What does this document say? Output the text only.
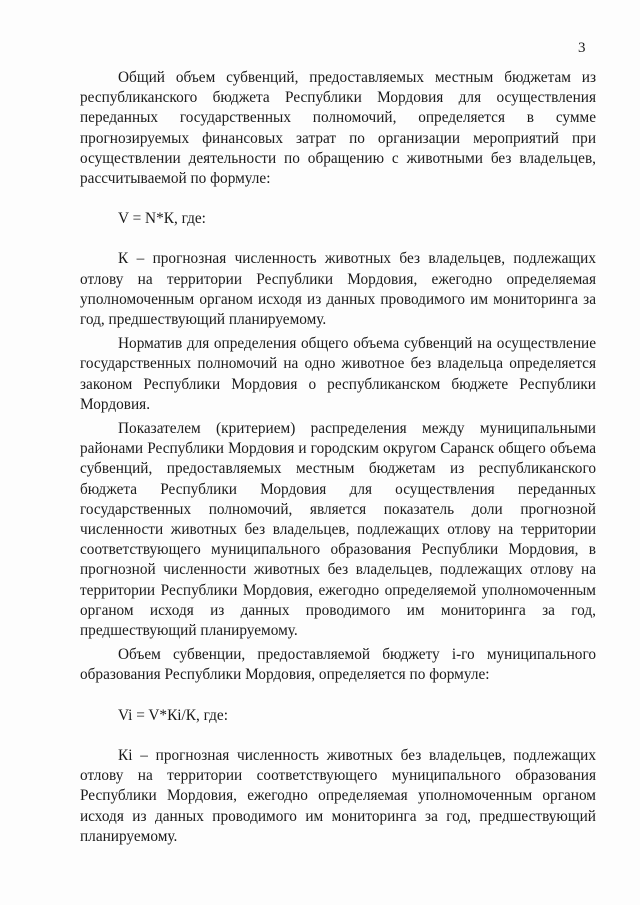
3

Общий объем субвенций, предоставляемых местным бюджетам из республиканского бюджета Республики Мордовия для осуществления переданных государственных полномочий, определяется в сумме прогнозируемых финансовых затрат по организации мероприятий при осуществлении деятельности по обращению с животными без владельцев, рассчитываемой по формуле:

V = N*К, где:

К – прогнозная численность животных без владельцев, подлежащих отлову на территории Республики Мордовия, ежегодно определяемая уполномоченным органом исходя из данных проводимого им мониторинга за год, предшествующий планируемому.

Норматив для определения общего объема субвенций на осуществление государственных полномочий на одно животное без владельца определяется законом Республики Мордовия о республиканском бюджете Республики Мордовия.

Показателем (критерием) распределения между муниципальными районами Республики Мордовия и городским округом Саранск общего объема субвенций, предоставляемых местным бюджетам из республиканского бюджета Республики Мордовия для осуществления переданных государственных полномочий, является показатель доли прогнозной численности животных без владельцев, подлежащих отлову на территории соответствующего муниципального образования Республики Мордовия, в прогнозной численности животных без владельцев, подлежащих отлову на территории Республики Мордовия, ежегодно определяемой уполномоченным органом исходя из данных проводимого им мониторинга за год, предшествующий планируемому.

Объем субвенции, предоставляемой бюджету i-го муниципального образования Республики Мордовия, определяется по формуле:

Vi = V*Кi/К, где:

Кi – прогнозная численность животных без владельцев, подлежащих отлову на территории соответствующего муниципального образования Республики Мордовия, ежегодно определяемая уполномоченным органом исходя из данных проводимого им мониторинга за год, предшествующий планируемому.
